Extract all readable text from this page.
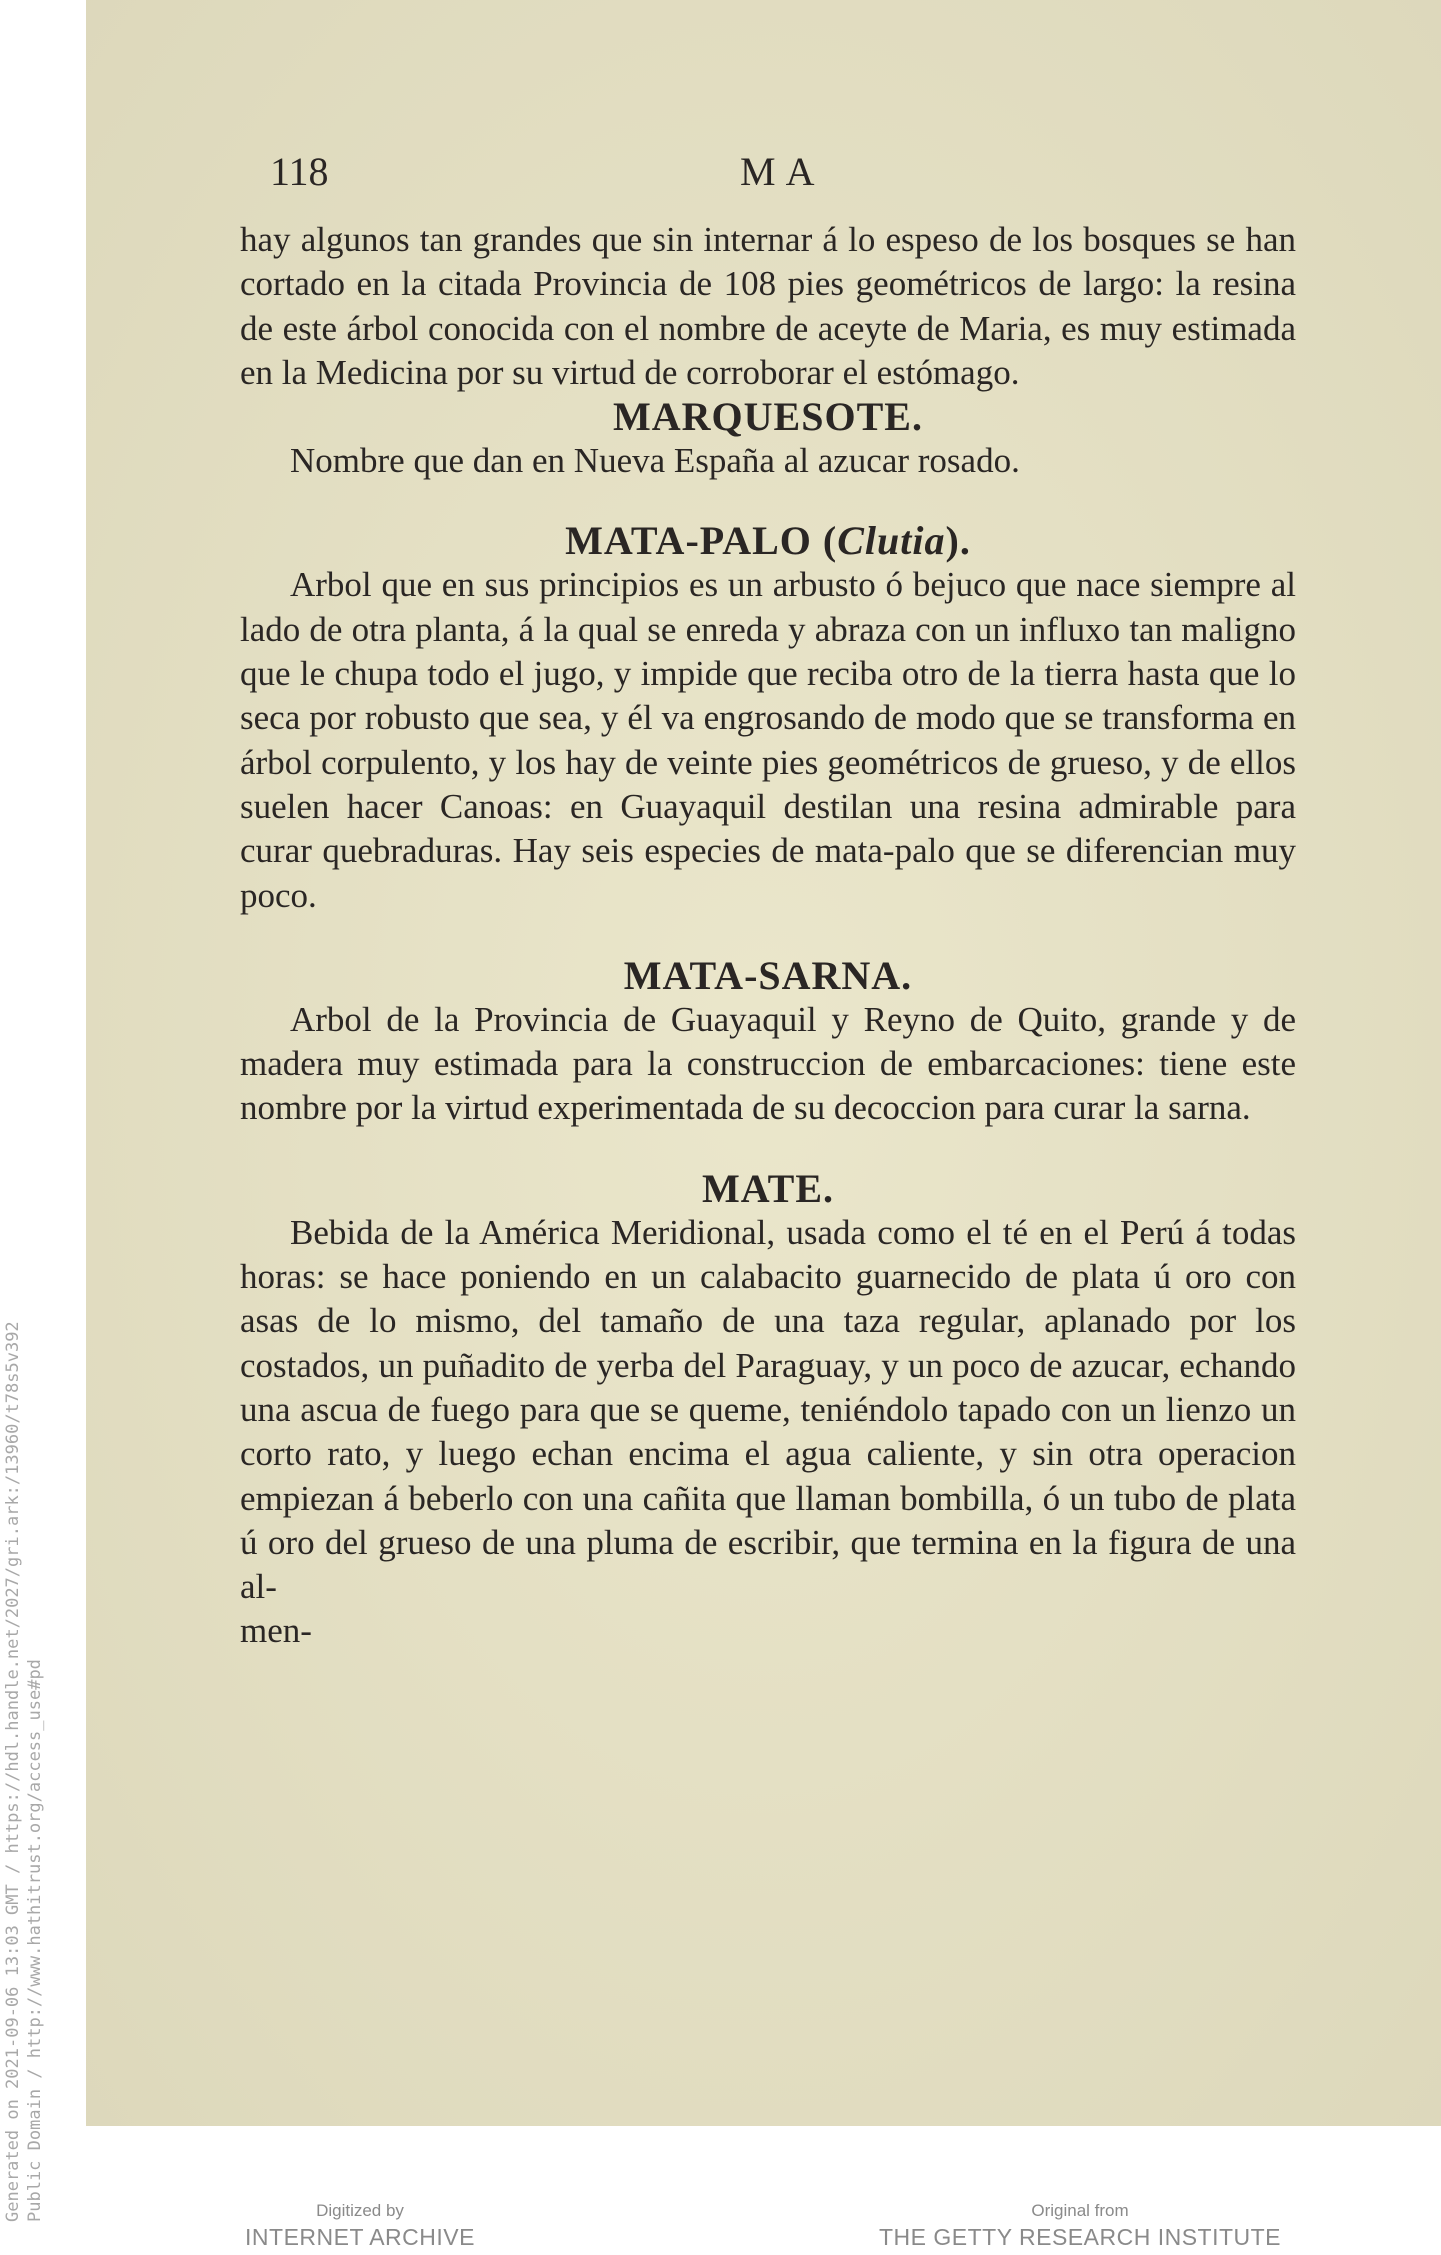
Generated on 2021-09-06 13:03 GMT / https://hdl.handle.net/2027/gri.ark:/13960/t78s5v392 Public Domain / http://www.hathitrust.org/access_use#pd
118	MA

hay algunos tan grandes que sin internar á lo espeso de los bosques se han cortado en la citada Provincia de 108 pies geométricos de largo: la resina de este árbol conocida con el nombre de aceyte de Maria, es muy estimada en la Medicina por su virtud de corroborar el estómago.

MARQUESOTE.

Nombre que dan en Nueva España al azucar rosado.

MATA-PALO (Clutia).

Arbol que en sus principios es un arbusto ó bejuco que nace siempre al lado de otra planta, á la qual se enreda y abraza con un influxo tan maligno que le chupa todo el jugo, y impide que reciba otro de la tierra hasta que lo seca por robusto que sea, y él va engrosando de modo que se transforma en árbol corpulento, y los hay de veinte pies geométricos de grueso, y de ellos suelen hacer Canoas: en Guayaquil destilan una resina admirable para curar quebraduras. Hay seis especies de mata-palo que se diferencian muy poco.

MATA-SARNA.

Arbol de la Provincia de Guayaquil y Reyno de Quito, grande y de madera muy estimada para la construccion de embarcaciones: tiene este nombre por la virtud experimentada de su decoccion para curar la sarna.

MATE.

Bebida de la América Meridional, usada como el té en el Perú á todas horas: se hace poniendo en un calabacito guarnecido de plata ú oro con asas de lo mismo, del tamaño de una taza regular, aplanado por los costados, un puñadito de yerba del Paraguay, y un poco de azucar, echando una ascua de fuego para que se queme, teniéndolo tapado con un lienzo un corto rato, y luego echan encima el agua caliente, y sin otra operacion empiezan á beberlo con una cañita que llaman bombilla, ó un tubo de plata ú oro del grueso de una pluma de escribir, que termina en la figura de una al-

men-

Digitized by
INTERNET ARCHIVE
Original from
THE GETTY RESEARCH INSTITUTE
